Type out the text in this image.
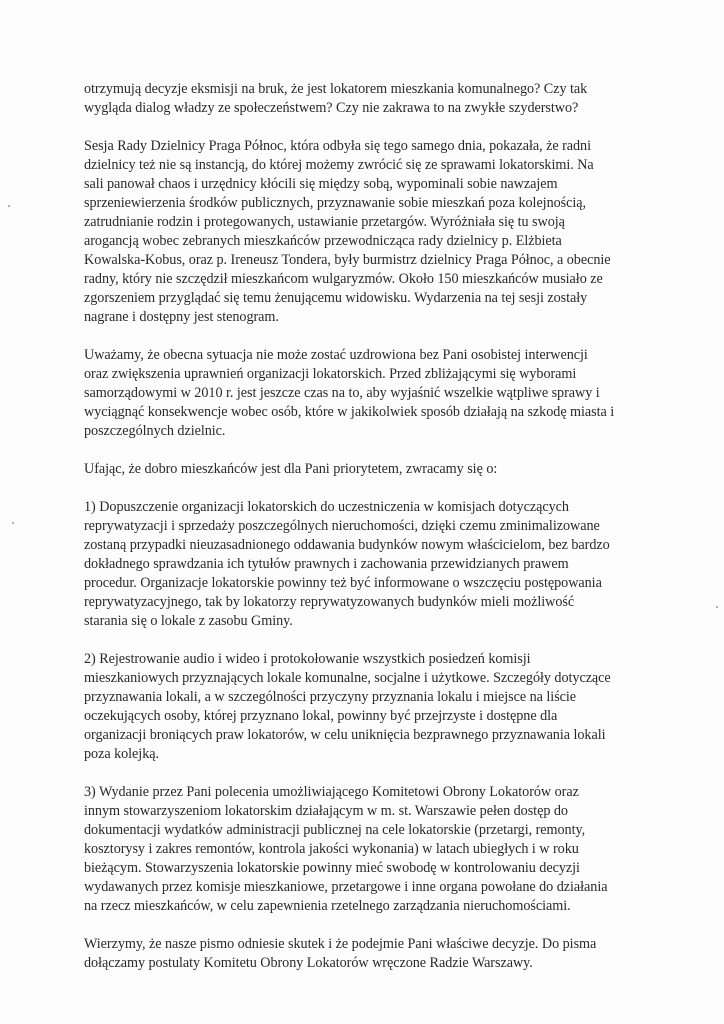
otrzymują decyzje eksmisji na bruk, że jest lokatorem mieszkania komunalnego? Czy tak
wygląda dialog władzy ze społeczeństwem? Czy nie zakrawa to na zwykłe szyderstwo?

Sesja Rady Dzielnicy Praga Północ, która odbyła się tego samego dnia, pokazała, że radni
dzielnicy też nie są instancją, do której możemy zwrócić się ze sprawami lokatorskimi. Na
sali panował chaos i urzędnicy kłócili się między sobą, wypominali sobie nawzajem
sprzeniewierzenia środków publicznych, przyznawanie sobie mieszkań poza kolejnością,
zatrudnianie rodzin i protegowanych, ustawianie przetargów. Wyróżniała się tu swoją
arogancją wobec zebranych mieszkańców przewodnicząca rady dzielnicy p. Elżbieta
Kowalska-Kobus, oraz p. Ireneusz Tondera, były burmistrz dzielnicy Praga Północ, a obecnie
radny, który nie szczędził mieszkańcom wulgaryzmów. Około 150 mieszkańców musiało ze
zgorszeniem przyglądać się temu żenującemu widowisku. Wydarzenia na tej sesji zostały
nagrane i dostępny jest stenogram.

Uważamy, że obecna sytuacja nie może zostać uzdrowiona bez Pani osobistej interwencji
oraz zwiększenia uprawnień organizacji lokatorskich. Przed zbliżającymi się wyborami
samorządowymi w 2010 r. jest jeszcze czas na to, aby wyjaśnić wszelkie wątpliwe sprawy i
wyciągnąć konsekwencje wobec osób, które w jakikolwiek sposób działają na szkodę miasta i
poszczególnych dzielnic.

Ufając, że dobro mieszkańców jest dla Pani priorytetem, zwracamy się o:

1) Dopuszczenie organizacji lokatorskich do uczestniczenia w komisjach dotyczących
reprywatyzacji i sprzedaży poszczególnych nieruchomości, dzięki czemu zminimalizowane
zostaną przypadki nieuzasadnionego oddawania budynków nowym właścicielom, bez bardzo
dokładnego sprawdzania ich tytułów prawnych i zachowania przewidzianych prawem
procedur. Organizacje lokatorskie powinny też być informowane o wszczęciu postępowania
reprywatyzacyjnego, tak by lokatorzy reprywatyzowanych budynków mieli możliwość
starania się o lokale z zasobu Gminy.

2) Rejestrowanie audio i wideo i protokołowanie wszystkich posiedzeń komisji
mieszkaniowych przyznających lokale komunalne, socjalne i użytkowe. Szczegóły dotyczące
przyznawania lokali, a w szczególności przyczyny przyznania lokalu i miejsce na liście
oczekujących osoby, której przyznano lokal, powinny być przejrzyste i dostępne dla
organizacji broniących praw lokatorów, w celu uniknięcia bezprawnego przyznawania lokali
poza kolejką.

3) Wydanie przez Pani polecenia umożliwiającego Komitetowi Obrony Lokatorów oraz
innym stowarzyszeniom lokatorskim działającym w m. st. Warszawie pełen dostęp do
dokumentacji wydatków administracji publicznej na cele lokatorskie (przetargi, remonty,
kosztorysy i zakres remontów, kontrola jakości wykonania) w latach ubiegłych i w roku
bieżącym. Stowarzyszenia lokatorskie powinny mieć swobodę w kontrolowaniu decyzji
wydawanych przez komisje mieszkaniowe, przetargowe i inne organa powołane do działania
na rzecz mieszkańców, w celu zapewnienia rzetelnego zarządzania nieruchomościami.

Wierzymy, że nasze pismo odniesie skutek i że podejmie Pani właściwe decyzje. Do pisma
dołączamy postulaty Komitetu Obrony Lokatorów wręczone Radzie Warszawy.
